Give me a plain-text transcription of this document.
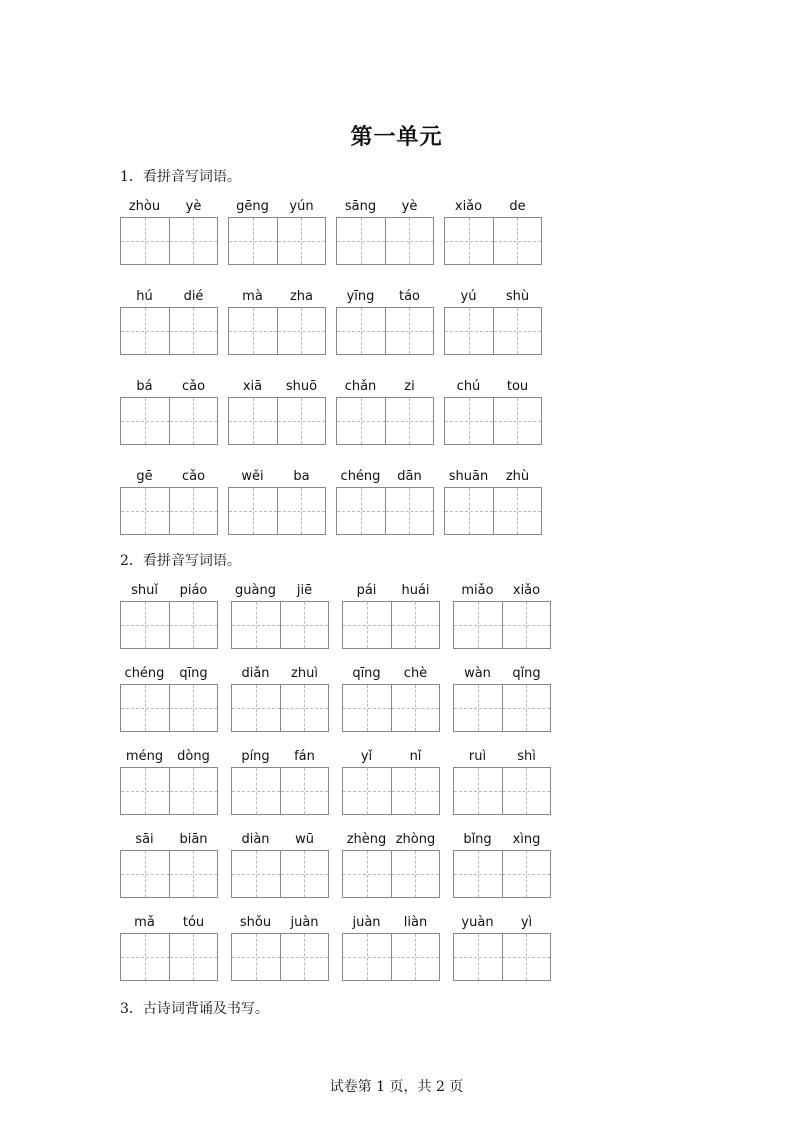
第一单元
1．看拼音写词语。
2．看拼音写词语。
3．古诗词背诵及书写。
试卷第 1 页，共 2 页
zhòu	yè	gēng	yún	sāng	yè	xiǎo	de
hú	dié	mà	zha	yīng	táo	yú	shù
bá	cǎo	xiā	shuō	chǎn	zi	chú	tou
gē	cǎo	wěi	ba	chéng	dān	shuān	zhù
shuǐ	piáo	guàng	jiē	pái	huái	miǎo	xiǎo
chéng	qīng	diǎn	zhuì	qīng	chè	wàn	qǐng
méng	dòng	píng	fán	yǐ	nǐ	ruì	shì
sāi	biān	diàn	wū	zhèng zhòng	bǐng	xìng
mǎ	tóu	shǒu	juàn	juàn	liàn	yuàn	yì
